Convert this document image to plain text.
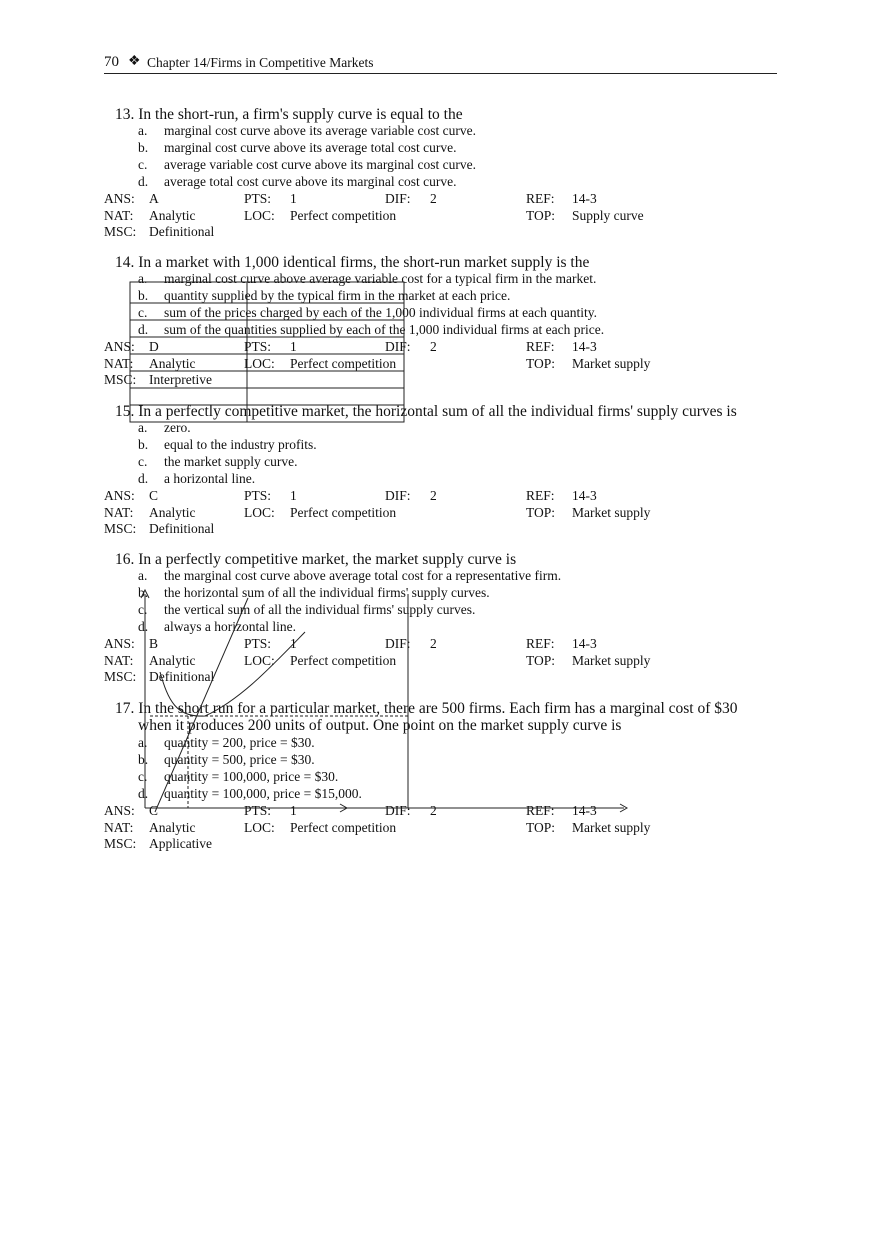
70 ❖ Chapter 14/Firms in Competitive Markets
13. In the short-run, a firm's supply curve is equal to the
a. marginal cost curve above its average variable cost curve.
b. marginal cost curve above its average total cost curve.
c. average variable cost curve above its marginal cost curve.
d. average total cost curve above its marginal cost curve.
ANS: A	PTS: 1	DIF: 2	REF: 14-3
NAT: Analytic	LOC: Perfect competition	TOP: Supply curve
MSC: Definitional
14. In a market with 1,000 identical firms, the short-run market supply is the
a. marginal cost curve above average variable cost for a typical firm in the market.
b. quantity supplied by the typical firm in the market at each price.
c. sum of the prices charged by each of the 1,000 individual firms at each quantity.
d. sum of the quantities supplied by each of the 1,000 individual firms at each price.
ANS: D	PTS: 1	DIF: 2	REF: 14-3
NAT: Analytic	LOC: Perfect competition	TOP: Market supply
MSC: Interpretive
15. In a perfectly competitive market, the horizontal sum of all the individual firms' supply curves is
a. zero.
b. equal to the industry profits.
c. the market supply curve.
d. a horizontal line.
ANS: C	PTS: 1	DIF: 2	REF: 14-3
NAT: Analytic	LOC: Perfect competition	TOP: Market supply
MSC: Definitional
16. In a perfectly competitive market, the market supply curve is
a. the marginal cost curve above average total cost for a representative firm.
b. the horizontal sum of all the individual firms' supply curves.
c. the vertical sum of all the individual firms' supply curves.
d. always a horizontal line.
ANS: B	PTS: 1	DIF: 2	REF: 14-3
NAT: Analytic	LOC: Perfect competition	TOP: Market supply
MSC: Definitional
17. In the short run for a particular market, there are 500 firms. Each firm has a marginal cost of $30
when it produces 200 units of output. One point on the market supply curve is
a. quantity = 200, price = $30.
b. quantity = 500, price = $30.
c. quantity = 100,000, price = $30.
d. quantity = 100,000, price = $15,000.
ANS: C	PTS: 1	DIF: 2	REF: 14-3
NAT: Analytic	LOC: Perfect competition	TOP: Market supply
MSC: Applicative
